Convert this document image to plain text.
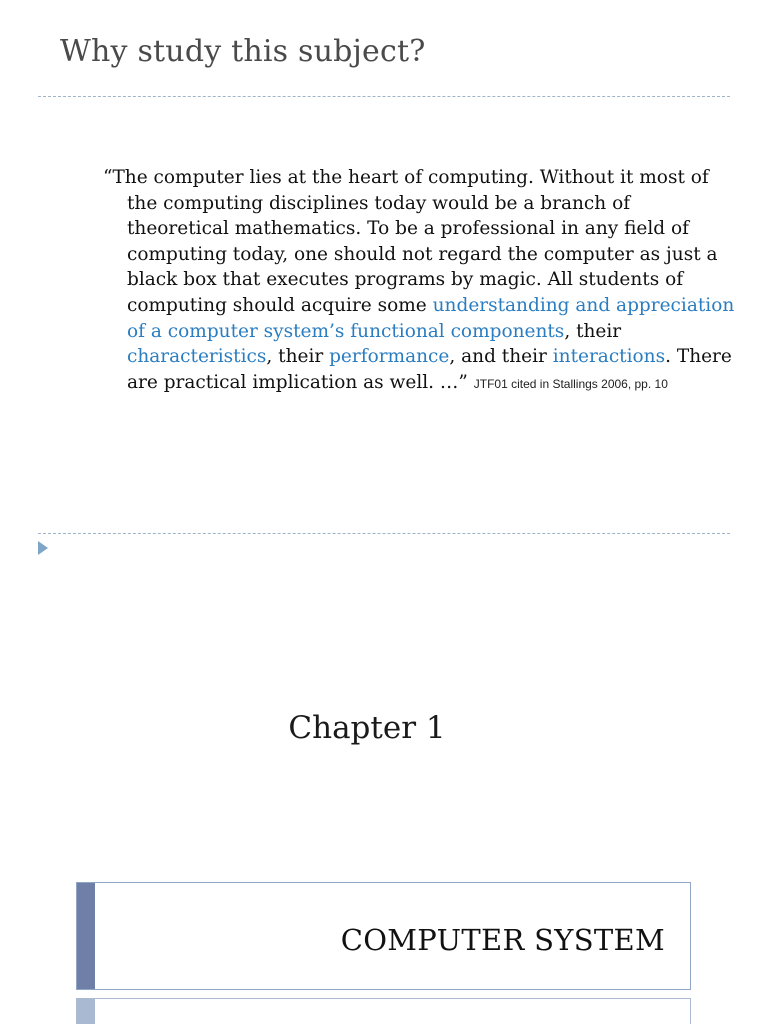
Why study this subject?

“The computer lies at the heart of computing. Without it most of the computing disciplines today would be a branch of theoretical mathematics. To be a professional in any field of computing today, one should not regard the computer as just a black box that executes programs by magic. All students of computing should acquire some understanding and appreciation of a computer system’s functional components, their characteristics, their performance, and their interactions. There are practical implication as well. …” JTF01 cited in Stallings 2006, pp. 10

Chapter 1
COMPUTER SYSTEM
